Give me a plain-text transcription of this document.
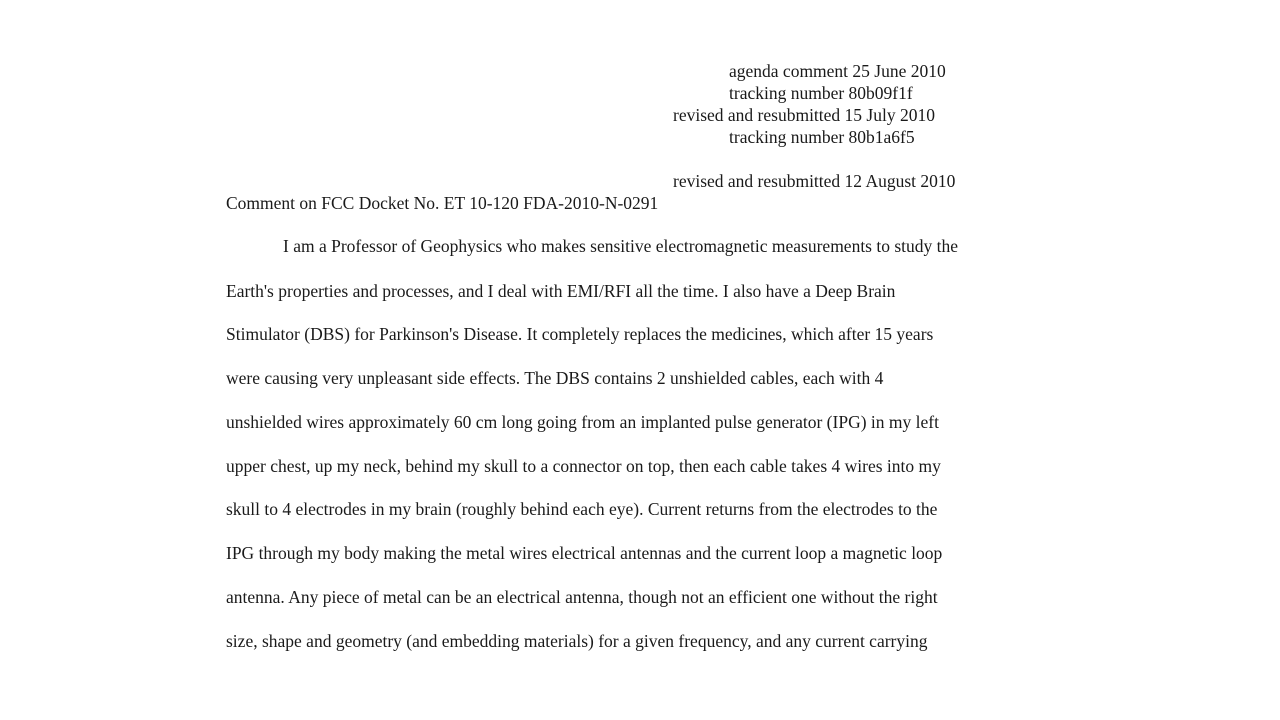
agenda comment 25 June 2010
tracking number 80b09f1f
revised and resubmitted 15 July 2010
tracking number 80b1a6f5
revised and resubmitted 12 August 2010
Comment on FCC Docket No. ET 10-120 FDA-2010-N-0291
I am a Professor of Geophysics who makes sensitive electromagnetic measurements to study the
Earth's properties and processes, and I deal with EMI/RFI all the time. I also have a Deep Brain
Stimulator (DBS) for Parkinson's Disease. It completely replaces the medicines, which after 15 years
were causing very unpleasant side effects. The DBS contains 2 unshielded cables, each with 4
unshielded wires approximately 60 cm long going from an implanted pulse generator (IPG) in my left
upper chest, up my neck, behind my skull to a connector on top, then each cable takes 4 wires into my
skull to 4 electrodes in my brain (roughly behind each eye). Current returns from the electrodes to the
IPG through my body making the metal wires electrical antennas and the current loop a magnetic loop
antenna. Any piece of metal can be an electrical antenna, though not an efficient one without the right
size, shape and geometry (and embedding materials) for a given frequency, and any current carrying
